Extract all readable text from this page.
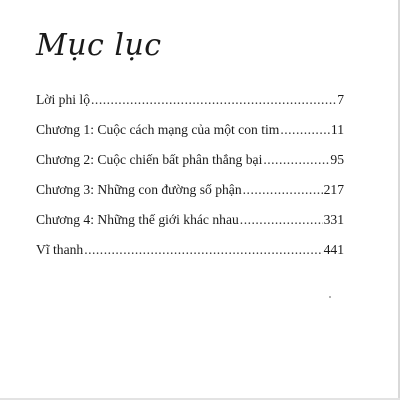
Mục lục
Lời phi lộ .....	7
Chương 1: Cuộc cách mạng của một con tim .....	11
Chương 2: Cuộc chiến bất phân thắng bại .....	95
Chương 3: Những con đường số phận .....	217
Chương 4: Những thế giới khác nhau .....	331
Vĩ thanh .....	441
